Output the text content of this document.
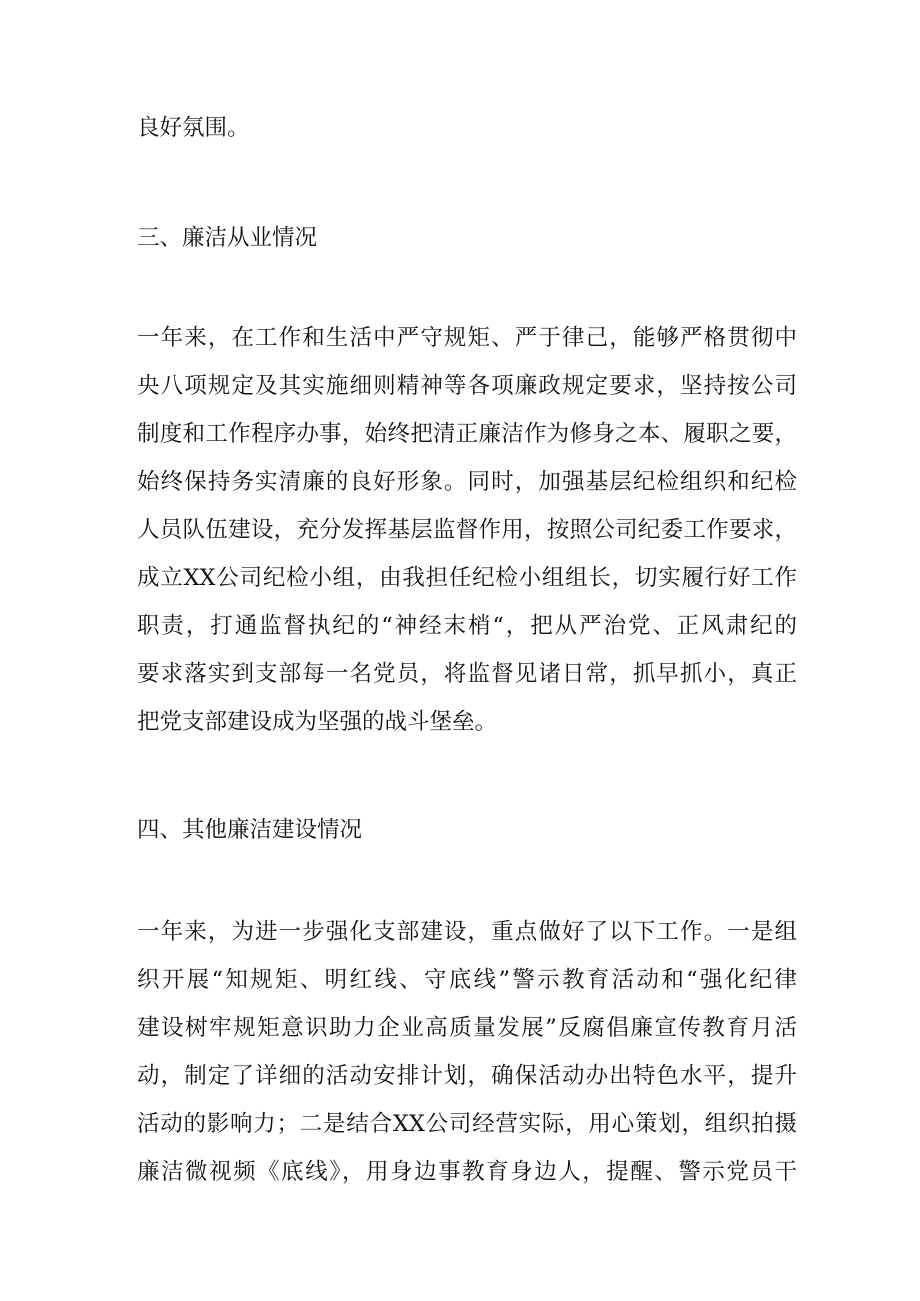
良好氛围。
三、廉洁从业情况
一年来，在工作和生活中严守规矩、严于律己，能够严格贯彻中
央八项规定及其实施细则精神等各项廉政规定要求，坚持按公司
制度和工作程序办事，始终把清正廉洁作为修身之本、履职之要，
始终保持务实清廉的良好形象。同时，加强基层纪检组织和纪检
人员队伍建设，充分发挥基层监督作用，按照公司纪委工作要求，
成立XX公司纪检小组，由我担任纪检小组组长，切实履行好工作
职责，打通监督执纪的“神经末梢“，把从严治党、正风肃纪的
要求落实到支部每一名党员，将监督见诸日常，抓早抓小，真正
把党支部建设成为坚强的战斗堡垒。
四、其他廉洁建设情况
一年来，为进一步强化支部建设，重点做好了以下工作。一是组
织开展“知规矩、明红线、守底线”警示教育活动和“强化纪律
建设树牢规矩意识助力企业高质量发展”反腐倡廉宣传教育月活
动，制定了详细的活动安排计划，确保活动办出特色水平，提升
活动的影响力；二是结合XX公司经营实际，用心策划，组织拍摄
廉洁微视频《底线》，用身边事教育身边人，提醒、警示党员干
